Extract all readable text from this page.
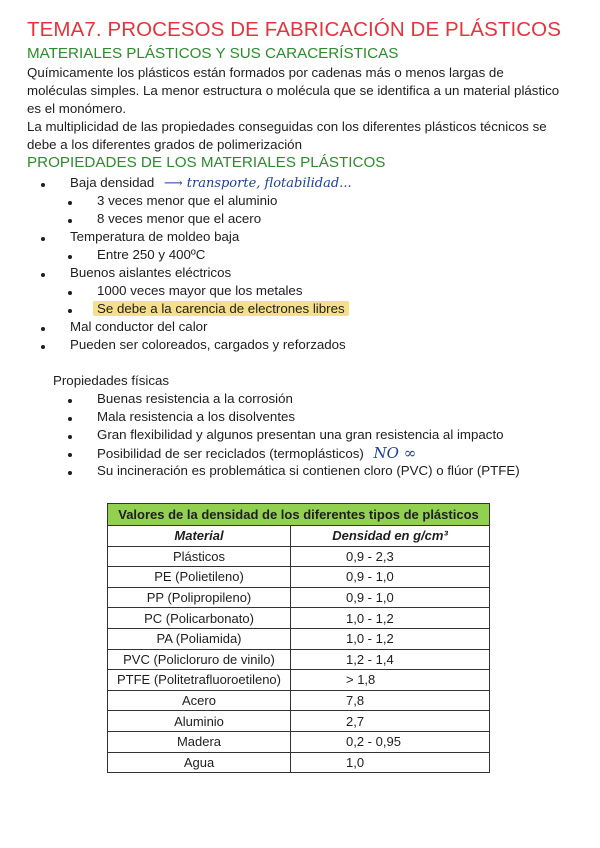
TEMA7. PROCESOS DE FABRICACIÓN DE PLÁSTICOS
MATERIALES PLÁSTICOS Y SUS CARACERÍSTICAS
Químicamente los plásticos están formados por cadenas más o menos largas de
moléculas simples. La menor estructura o molécula que se identifica a un material plástico
es el monómero.
La multiplicidad de las propiedades conseguidas con los diferentes plásticos técnicos se
debe a los diferentes grados de polimerización
PROPIEDADES DE LOS MATERIALES PLÁSTICOS
Baja densidad ⟶ transporte, flotabilidad...
3 veces menor que el aluminio
8 veces menor que el acero
Temperatura de moldeo baja
Entre 250 y 400ºC
Buenos aislantes eléctricos
1000 veces mayor que los metales
Se debe a la carencia de electrones libres
Mal conductor del calor
Pueden ser coloreados, cargados y reforzados
Propiedades físicas
Buenas resistencia a la corrosión
Mala resistencia a los disolventes
Gran flexibilidad y algunos presentan una gran resistencia al impacto
Posibilidad de ser reciclados (termoplásticos) NO ∞
Su incineración es problemática si contienen cloro (PVC) o flúor (PTFE)
Valores de la densidad de los diferentes tipos de plásticos	
Material	Densidad en g/cm³
Plásticos	0,9 - 2,3
PE (Polietileno)	0,9 - 1,0
PP (Polipropileno)	0,9 - 1,0
PC (Policarbonato)	1,0 - 1,2
PA (Poliamida)	1,0 - 1,2
PVC (Policloruro de vinilo)	1,2 - 1,4
PTFE (Politetrafluoroetileno)	> 1,8
Acero	7,8
Aluminio	2,7
Madera	0,2 - 0,95
Agua	1,0
